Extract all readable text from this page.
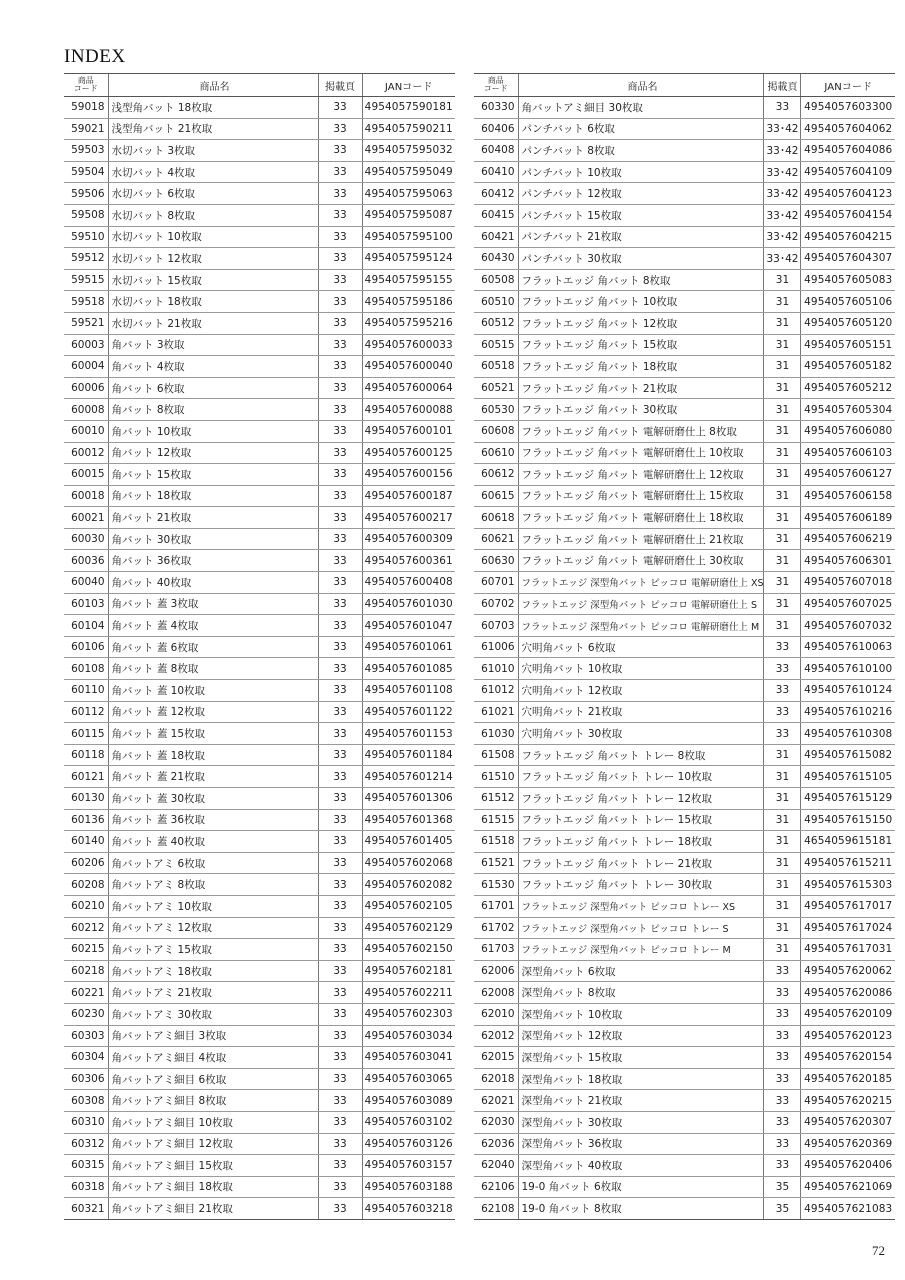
INDEX
商品
コード	商品名	掲載頁	JANコード
59018	浅型角バット 18枚取	33	4954057590181
59021	浅型角バット 21枚取	33	4954057590211
59503	水切バット 3枚取	33	4954057595032
59504	水切バット 4枚取	33	4954057595049
59506	水切バット 6枚取	33	4954057595063
59508	水切バット 8枚取	33	4954057595087
59510	水切バット 10枚取	33	4954057595100
59512	水切バット 12枚取	33	4954057595124
59515	水切バット 15枚取	33	4954057595155
59518	水切バット 18枚取	33	4954057595186
59521	水切バット 21枚取	33	4954057595216
60003	角バット 3枚取	33	4954057600033
60004	角バット 4枚取	33	4954057600040
60006	角バット 6枚取	33	4954057600064
60008	角バット 8枚取	33	4954057600088
60010	角バット 10枚取	33	4954057600101
60012	角バット 12枚取	33	4954057600125
60015	角バット 15枚取	33	4954057600156
60018	角バット 18枚取	33	4954057600187
60021	角バット 21枚取	33	4954057600217
60030	角バット 30枚取	33	4954057600309
60036	角バット 36枚取	33	4954057600361
60040	角バット 40枚取	33	4954057600408
60103	角バット 蓋 3枚取	33	4954057601030
60104	角バット 蓋 4枚取	33	4954057601047
60106	角バット 蓋 6枚取	33	4954057601061
60108	角バット 蓋 8枚取	33	4954057601085
60110	角バット 蓋 10枚取	33	4954057601108
60112	角バット 蓋 12枚取	33	4954057601122
60115	角バット 蓋 15枚取	33	4954057601153
60118	角バット 蓋 18枚取	33	4954057601184
60121	角バット 蓋 21枚取	33	4954057601214
60130	角バット 蓋 30枚取	33	4954057601306
60136	角バット 蓋 36枚取	33	4954057601368
60140	角バット 蓋 40枚取	33	4954057601405
60206	角バットアミ 6枚取	33	4954057602068
60208	角バットアミ 8枚取	33	4954057602082
60210	角バットアミ 10枚取	33	4954057602105
60212	角バットアミ 12枚取	33	4954057602129
60215	角バットアミ 15枚取	33	4954057602150
60218	角バットアミ 18枚取	33	4954057602181
60221	角バットアミ 21枚取	33	4954057602211
60230	角バットアミ 30枚取	33	4954057602303
60303	角バットアミ細目 3枚取	33	4954057603034
60304	角バットアミ細目 4枚取	33	4954057603041
60306	角バットアミ細目 6枚取	33	4954057603065
60308	角バットアミ細目 8枚取	33	4954057603089
60310	角バットアミ細目 10枚取	33	4954057603102
60312	角バットアミ細目 12枚取	33	4954057603126
60315	角バットアミ細目 15枚取	33	4954057603157
60318	角バットアミ細目 18枚取	33	4954057603188
60321	角バットアミ細目 21枚取	33	4954057603218
商品
コード	商品名	掲載頁	JANコード
60330	角バットアミ細目 30枚取	33	4954057603300
60406	パンチバット 6枚取	33･42	4954057604062
60408	パンチバット 8枚取	33･42	4954057604086
60410	パンチバット 10枚取	33･42	4954057604109
60412	パンチバット 12枚取	33･42	4954057604123
60415	パンチバット 15枚取	33･42	4954057604154
60421	パンチバット 21枚取	33･42	4954057604215
60430	パンチバット 30枚取	33･42	4954057604307
60508	フラットエッジ 角バット 8枚取	31	4954057605083
60510	フラットエッジ 角バット 10枚取	31	4954057605106
60512	フラットエッジ 角バット 12枚取	31	4954057605120
60515	フラットエッジ 角バット 15枚取	31	4954057605151
60518	フラットエッジ 角バット 18枚取	31	4954057605182
60521	フラットエッジ 角バット 21枚取	31	4954057605212
60530	フラットエッジ 角バット 30枚取	31	4954057605304
60608	フラットエッジ 角バット 電解研磨仕上 8枚取	31	4954057606080
60610	フラットエッジ 角バット 電解研磨仕上 10枚取	31	4954057606103
60612	フラットエッジ 角バット 電解研磨仕上 12枚取	31	4954057606127
60615	フラットエッジ 角バット 電解研磨仕上 15枚取	31	4954057606158
60618	フラットエッジ 角バット 電解研磨仕上 18枚取	31	4954057606189
60621	フラットエッジ 角バット 電解研磨仕上 21枚取	31	4954057606219
60630	フラットエッジ 角バット 電解研磨仕上 30枚取	31	4954057606301
60701	フラットエッジ 深型角バット ピッコロ 電解研磨仕上 XS	31	4954057607018
60702	フラットエッジ 深型角バット ピッコロ 電解研磨仕上 S	31	4954057607025
60703	フラットエッジ 深型角バット ピッコロ 電解研磨仕上 M	31	4954057607032
61006	穴明角バット 6枚取	33	4954057610063
61010	穴明角バット 10枚取	33	4954057610100
61012	穴明角バット 12枚取	33	4954057610124
61021	穴明角バット 21枚取	33	4954057610216
61030	穴明角バット 30枚取	33	4954057610308
61508	フラットエッジ 角バット トレー 8枚取	31	4954057615082
61510	フラットエッジ 角バット トレー 10枚取	31	4954057615105
61512	フラットエッジ 角バット トレー 12枚取	31	4954057615129
61515	フラットエッジ 角バット トレー 15枚取	31	4954057615150
61518	フラットエッジ 角バット トレー 18枚取	31	4654059615181
61521	フラットエッジ 角バット トレー 21枚取	31	4954057615211
61530	フラットエッジ 角バット トレー 30枚取	31	4954057615303
61701	フラットエッジ 深型角バット ピッコロ トレー XS	31	4954057617017
61702	フラットエッジ 深型角バット ピッコロ トレー S	31	4954057617024
61703	フラットエッジ 深型角バット ピッコロ トレー M	31	4954057617031
62006	深型角バット 6枚取	33	4954057620062
62008	深型角バット 8枚取	33	4954057620086
62010	深型角バット 10枚取	33	4954057620109
62012	深型角バット 12枚取	33	4954057620123
62015	深型角バット 15枚取	33	4954057620154
62018	深型角バット 18枚取	33	4954057620185
62021	深型角バット 21枚取	33	4954057620215
62030	深型角バット 30枚取	33	4954057620307
62036	深型角バット 36枚取	33	4954057620369
62040	深型角バット 40枚取	33	4954057620406
62106	19-0 角バット 6枚取	35	4954057621069
62108	19-0 角バット 8枚取	35	4954057621083
72
